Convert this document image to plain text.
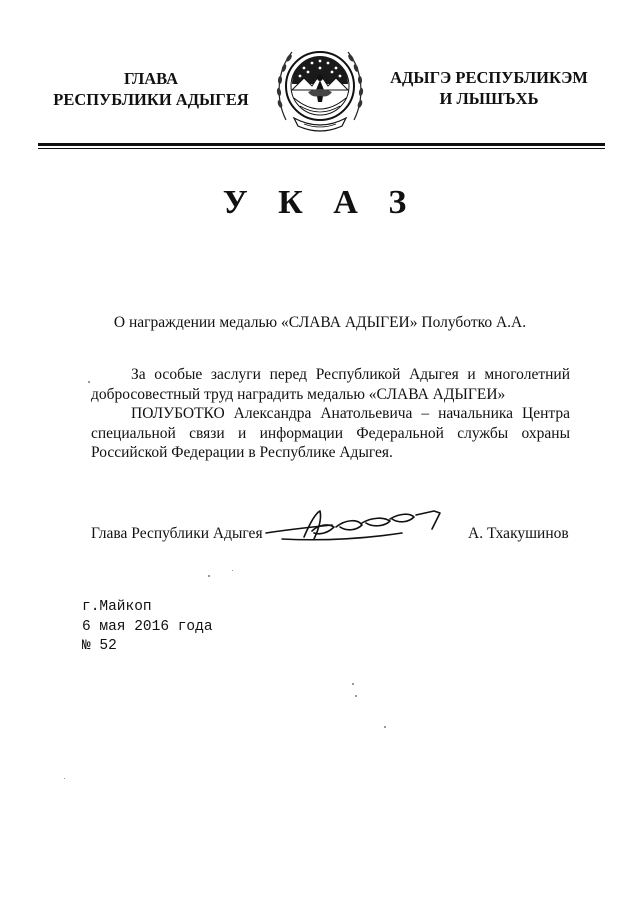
ГЛАВА
РЕСПУБЛИКИ АДЫГЕЯ
АДЫГЭ РЕСПУБЛИКЭМ
И ЛЫШЪХЬ
У К А З
О награждении медалью «СЛАВА АДЫГЕИ» Полуботко А.А.
За особые заслуги перед Республикой Адыгея и многолетний
добросовестный труд наградить медалью «СЛАВА АДЫГЕИ»
ПОЛУБОТКО Александра Анатольевича – начальника Центра
специальной связи и информации Федеральной службы охраны
Российской Федерации в Республике Адыгея.
Глава Республики Адыгея	А. Тхакушинов
г.Майкоп
6 мая 2016 года
№ 52
